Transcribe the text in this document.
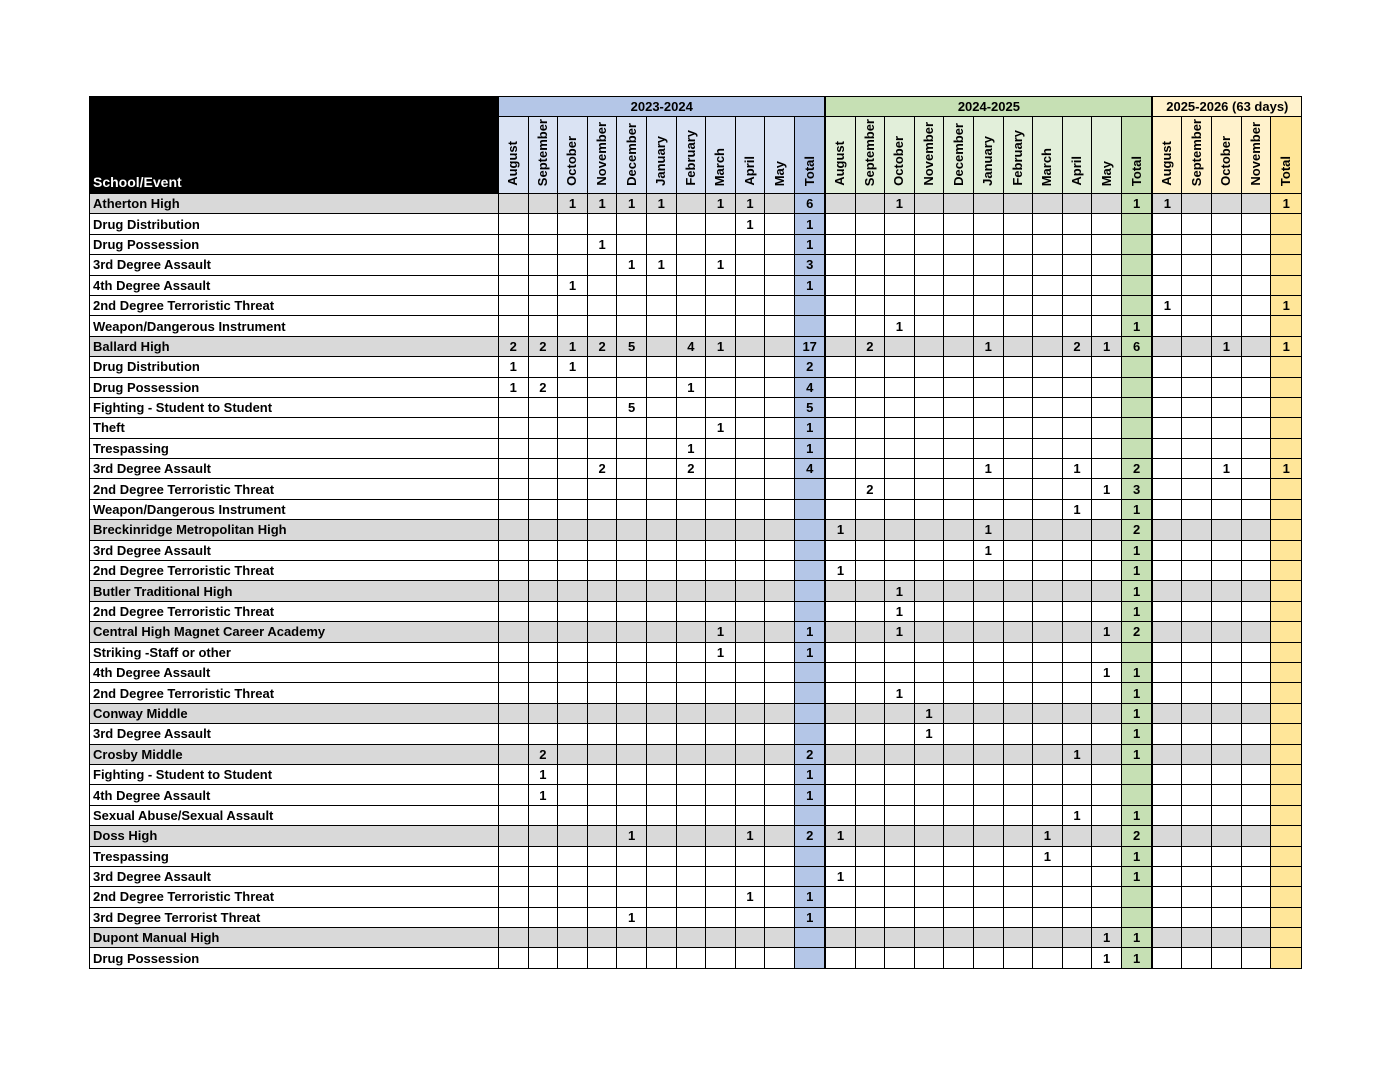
School/Event	2023-2024											2024-2025											2025-2026 (63 days)				
	August	September	October	November	December	January	February	March	April	May	Total	August	September	October	November	December	January	February	March	April	May	Total	August	September	October	November	Total
Atherton High			1	1	1	1		1	1		6			1								1	1				1
Drug Distribution									1		1																
Drug Possession				1							1																
3rd Degree Assault					1	1		1			3																
4th Degree Assault			1								1																
2nd Degree Terroristic Threat																							1				1
Weapon/Dangerous Instrument														1								1					
Ballard High	2	2	1	2	5		4	1			17		2				1			2	1	6			1		1
Drug Distribution	1		1								2																
Drug Possession	1	2					1				4																
Fighting - Student to Student					5						5																
Theft								1			1																
Trespassing							1				1																
3rd Degree Assault				2			2				4						1			1		2			1		1
2nd Degree Terroristic Threat													2								1	3					
Weapon/Dangerous Instrument																				1		1					
Breckinridge Metropolitan High												1					1					2					
3rd Degree Assault																	1					1					
2nd Degree Terroristic Threat												1										1					
Butler Traditional High														1								1					
2nd Degree Terroristic Threat														1								1					
Central High Magnet Career Academy								1			1			1							1	2					
Striking -Staff or other								1			1																
4th Degree Assault																					1	1					
2nd Degree Terroristic Threat														1								1					
Conway Middle															1							1					
3rd Degree Assault															1							1					
Crosby Middle		2									2									1		1					
Fighting - Student to Student		1									1																
4th Degree Assault		1									1																
Sexual Abuse/Sexual Assault																				1		1					
Doss High					1				1		2	1							1			2					
Trespassing																			1			1					
3rd Degree Assault												1										1					
2nd Degree Terroristic Threat									1		1																
3rd Degree Terrorist Threat					1						1																
Dupont Manual High																					1	1					
Drug Possession																					1	1					
